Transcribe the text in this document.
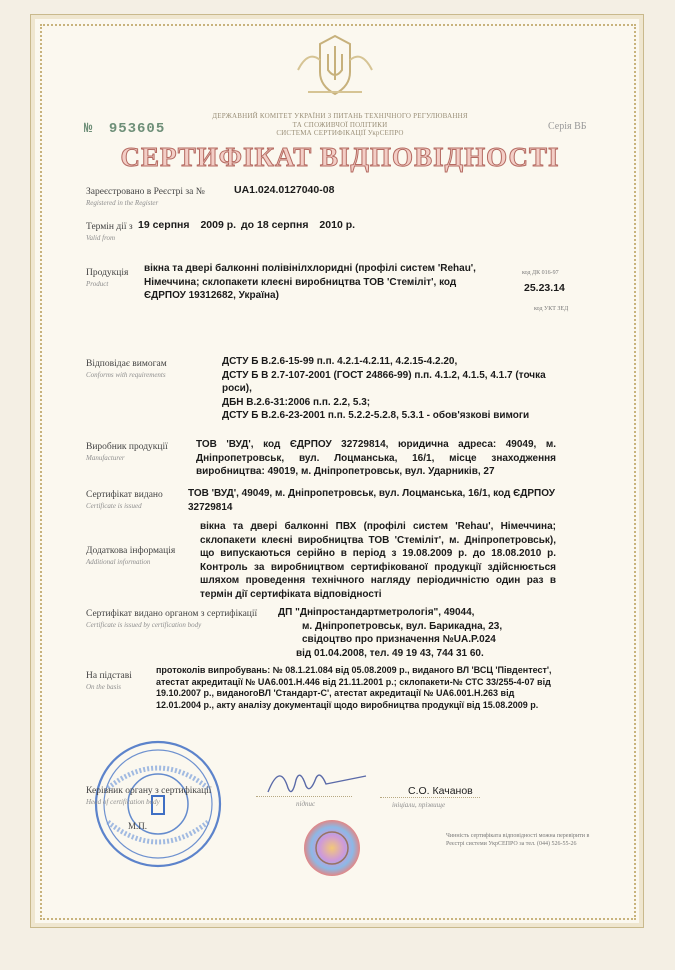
ДЕРЖАВНИЙ КОМІТЕТ УКРАЇНИ З ПИТАНЬ ТЕХНІЧНОГО РЕГУЛЮВАННЯ
ТА СПОЖИВЧОЇ ПОЛІТИКИ
СИСТЕМА СЕРТИФІКАЦІЇ УкрСЕПРО
№ 953605	Серія ВБ
СЕРТИФІКАТ ВІДПОВІДНОСТІ
Зареєстровано в Реєстрі за №
Registered in the Register
UA1.024.0127040-08
Термін дії з
Valid from
19 серпня 2009 р. до 18 серпня 2010 р.
Продукція
Product
вікна та двері балконні полівінілхлоридні (профілі систем 'Rehau', Німеччина; склопакети клеєні виробництва ТОВ 'Стеміліт', код ЄДРПОУ 19312682, Україна)
код ДК 016-97
25.23.14
код УКТ ЗЕД
Відповідає вимогам
Conforms with requirements
ДСТУ Б В.2.6-15-99 п.п. 4.2.1-4.2.11, 4.2.15-4.2.20,
ДСТУ Б В 2.7-107-2001 (ГОСТ 24866-99) п.п. 4.1.2, 4.1.5, 4.1.7 (точка
роси),
ДБН В.2.6-31:2006 п.п. 2.2, 5.3;
ДСТУ Б В.2.6-23-2001 п.п. 5.2.2-5.2.8, 5.3.1 - обов'язкові вимоги
Виробник продукції
Manufacturer
ТОВ 'ВУД', код ЄДРПОУ 32729814, юридична адреса: 49049, м. Дніпропетровськ, вул. Лоцманська, 16/1, місце знаходження виробництва: 49019, м. Дніпропетровськ, вул. Ударників, 27
Сертифікат видано
Certificate is issued
ТОВ 'ВУД', 49049, м. Дніпропетровськ, вул. Лоцманська, 16/1, код ЄДРПОУ 32729814
Додаткова інформація
Additional information
вікна та двері балконні ПВХ (профілі систем 'Rehau', Німеччина; склопакети клеєні виробництва ТОВ 'Стеміліт', м. Дніпропетровськ), що випускаються серійно в період з 19.08.2009 р. до 18.08.2010 р. Контроль за виробництвом сертифікованої продукції здійснюється шляхом проведення технічного нагляду періодичністю один раз в термін дії сертифіката відповідності
Сертифікат видано органом з сертифікації
Certificate is issued by certification body
ДП "Дніпростандартметрологія", 49044,
м. Дніпропетровськ, вул. Барикадна, 23,
свідоцтво про призначення №UA.P.024
від 01.04.2008, тел. 49 19 43, 744 31 60.
На підставі
On the basis
протоколів випробувань: № 08.1.21.084 від 05.08.2009 р., виданого ВЛ 'ВСЦ 'Південтест', атестат акредитації № UA6.001.H.446 від 21.11.2001 р.; склопакети-№ СТС 33/255-4-07 від 19.10.2007 р., виданогоВЛ 'Стандарт-С', атестат акредитації № UA6.001.H.263 від 12.01.2004 р., акту аналізу документації щодо виробництва продукції від 15.08.2009 р.
М.П.
Керівник органу з сертифікації
Head of certification body	підпис
С.О. Качанов
ініціали, прізвище
Чинність сертифіката відповідності можна перевірити в Реєстрі системи УкрСЕПРО за тел. (044) 526-55-26
